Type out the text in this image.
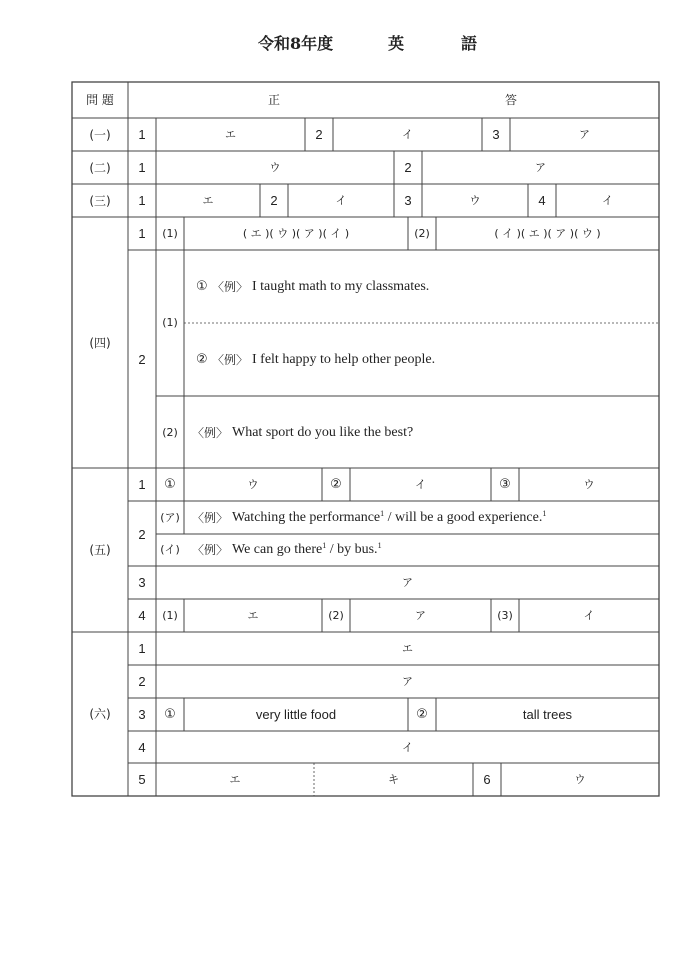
令和8年度	英	語
問 題	正	答
(一)	1	エ	2	イ	3	ア
(二)	1	ウ	2	ア
(三)	1	エ	2	イ	3	ウ	4	イ
(四)
1	(1)	( エ )( ウ )( ア )( イ )	(2)	( イ )( エ )( ア )( ウ )
2
(1)
① 〈例〉 I taught math to my classmates.
② 〈例〉 I felt happy to help other people.
(2)	〈例〉 What sport do you like the best?
(五)
1	①	ウ	②	イ	③	ウ
2
(ア)	〈例〉 Watching the performance$^1$ / will be a good experience.$^1$
(イ)	〈例〉 We can go there$^1$ / by bus.$^1$
3	ア
4	(1)	エ	(2)	ア	(3)	イ
(六)
1	エ
2	ア
3	①	very little food	②	tall trees
4	イ
5	エ	キ	6	ウ
